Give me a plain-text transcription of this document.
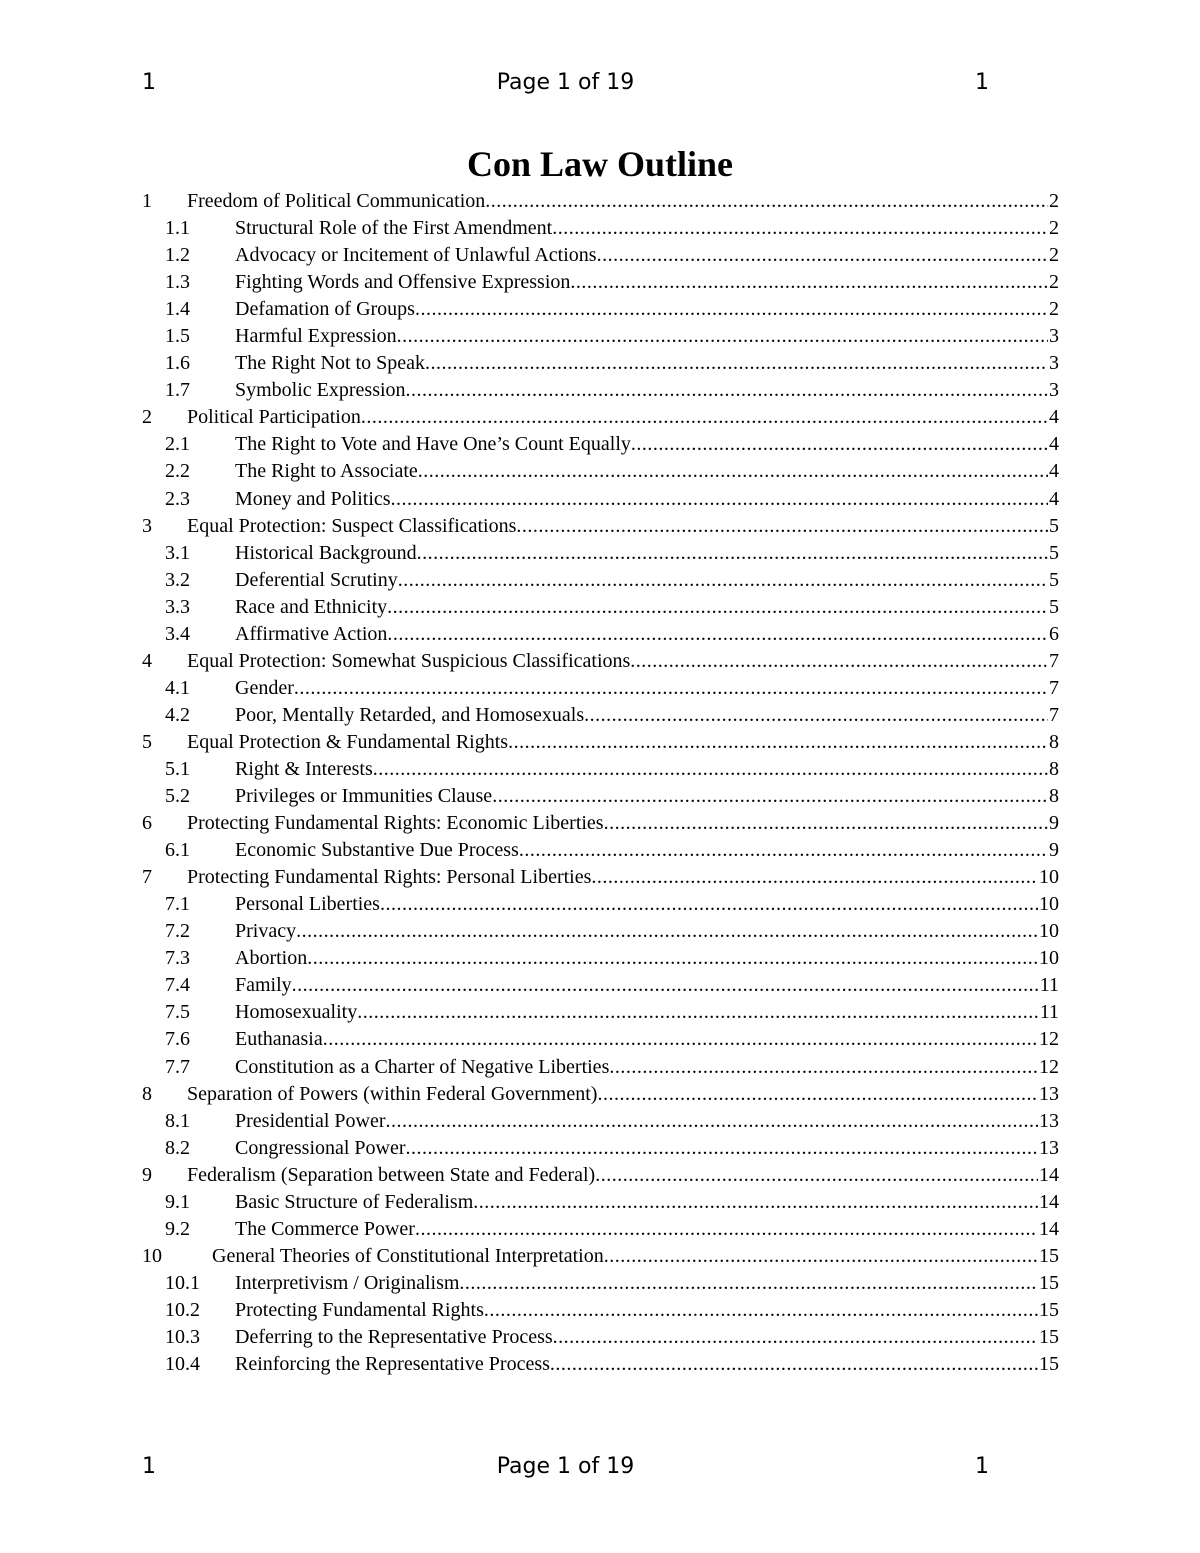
1	Page 1 of 19	1
Con Law Outline
1	Freedom of Political Communication .....	2
1.1	Structural Role of the First Amendment .....	2
1.2	Advocacy or Incitement of Unlawful Actions .....	2
1.3	Fighting Words and Offensive Expression .....	2
1.4	Defamation of Groups .....	2
1.5	Harmful Expression .....	3
1.6	The Right Not to Speak .....	3
1.7	Symbolic Expression .....	3
2	Political Participation .....	4
2.1	The Right to Vote and Have One’s Count Equally .....	4
2.2	The Right to Associate .....	4
2.3	Money and Politics .....	4
3	Equal Protection: Suspect Classifications .....	5
3.1	Historical Background .....	5
3.2	Deferential Scrutiny .....	5
3.3	Race and Ethnicity .....	5
3.4	Affirmative Action .....	6
4	Equal Protection: Somewhat Suspicious Classifications .....	7
4.1	Gender .....	7
4.2	Poor, Mentally Retarded, and Homosexuals .....	7
5	Equal Protection & Fundamental Rights .....	8
5.1	Right & Interests .....	8
5.2	Privileges or Immunities Clause .....	8
6	Protecting Fundamental Rights: Economic Liberties .....	9
6.1	Economic Substantive Due Process .....	9
7	Protecting Fundamental Rights: Personal Liberties .....	10
7.1	Personal Liberties .....	10
7.2	Privacy .....	10
7.3	Abortion .....	10
7.4	Family .....	11
7.5	Homosexuality .....	11
7.6	Euthanasia .....	12
7.7	Constitution as a Charter of Negative Liberties .....	12
8	Separation of Powers (within Federal Government) .....	13
8.1	Presidential Power .....	13
8.2	Congressional Power .....	13
9	Federalism (Separation between State and Federal) .....	14
9.1	Basic Structure of Federalism .....	14
9.2	The Commerce Power .....	14
10	General Theories of Constitutional Interpretation .....	15
10.1	Interpretivism / Originalism .....	15
10.2	Protecting Fundamental Rights .....	15
10.3	Deferring to the Representative Process .....	15
10.4	Reinforcing the Representative Process .....	15
1	Page 1 of 19	1
